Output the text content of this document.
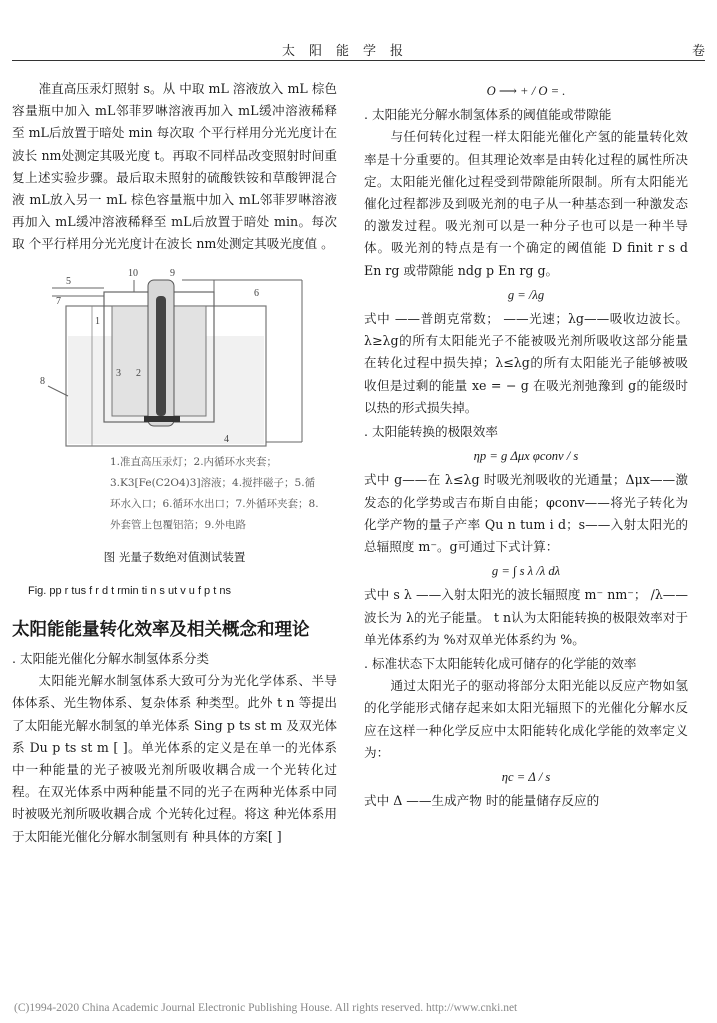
太阳能学报	卷

准直高压汞灯照射 s。从 中取 mL 溶液放入 mL 棕色容量瓶中加入 mL邻菲罗啉溶液再加入 mL缓冲溶液稀释至 mL后放置于暗处 min 每次取 个平行样用分光光度计在波长 nm处测定其吸光度 t。再取不同样品改变照射时间重复上述实验步骤。最后取未照射的硫酸铁铵和草酸钾混合液 mL放入另一 mL 棕色容量瓶中加入 mL邻菲罗啉溶液再加入 mL缓冲溶液稀释至 mL后放置于暗处 min。每次取 个平行样用分光光度计在波长 nm处测定其吸光度值 。

9
10
5
7
1
3 2
6
8
4
1.准直高压汞灯；2.内循环水夹套；3.K3[Fe(C2O4)3]溶液；4.搅拌磁子；5.循环水入口；6.循环水出口；7.外循环夹套；8.外套管上包覆铝箔；9.外电路

图 光量子数绝对值测试装置

Fig. pp r tus f r d t rmin ti n s ut v u f p t ns

太阳能能量转化效率及相关概念和理论

. 太阳能光催化分解水制氢体系分类

太阳能光解水制氢体系大致可分为光化学体系、半导体体系、光生物体系、复杂体系 种类型。此外 t n 等提出了太阳能光解水制氢的单光体系 Sing p ts st m 及双光体系 Du p ts st m [ ]。单光体系的定义是在单一的光体系中一种能量的光子被吸光剂所吸收耦合成一个光转化过程。在双光体系中两种能量不同的光子在两种光体系中同时被吸光剂所吸收耦合成 个光转化过程。将这 种光体系用于太阳能光催化分解水制氢则有 种具体的方案[ ]

O ⟶ + / O = .

. 太阳能光分解水制氢体系的阈值能或带隙能

与任何转化过程一样太阳能光催化产氢的能量转化效率是十分重要的。但其理论效率是由转化过程的属性所决定。太阳能光催化过程受到带隙能所限制。所有太阳能光催化过程都涉及到吸光剂的电子从一种基态到一种激发态的激发过程。吸光剂可以是一种分子也可以是一种半导体。吸光剂的特点是有一个确定的阈值能 D finit r s d En rg 或带隙能 ndg p En rg g。

g = /λg

式中 ——普朗克常数； ——光速；λg——吸收边波长。λ≥λg的所有太阳能光子不能被吸光剂所吸收这部分能量在转化过程中损失掉；λ≤λg的所有太阳能光子能够被吸收但是过剩的能量 xe = − g 在吸光剂弛豫到 g的能级时以热的形式损失掉。

. 太阳能转换的极限效率

ηp = g Δμx φconv / s

式中 g——在 λ≤λg 时吸光剂吸收的光通量；Δμx——激发态的化学势或吉布斯自由能；φconv——将光子转化为化学产物的量子产率 Qu n tum i d；s——入射太阳光的总辐照度 m⁻。g可通过下式计算：

g = ∫ s λ /λ dλ

式中 s λ ——入射太阳光的波长辐照度 m⁻ nm⁻； /λ——波长为 λ的光子能量。 t n认为太阳能转换的极限效率对于单光体系约为 %对双单光体系约为 %。

. 标准状态下太阳能转化成可储存的化学能的效率

通过太阳光子的驱动将部分太阳光能以反应产物如氢的化学能形式储存起来如太阳光辐照下的光催化分解水反应在这样一种化学反应中太阳能转化成化学能的效率定义为：

ηc = Δ / s

式中 Δ ——生成产物 时的能量储存反应的

(C)1994-2020 China Academic Journal Electronic Publishing House. All rights reserved. http://www.cnki.net
